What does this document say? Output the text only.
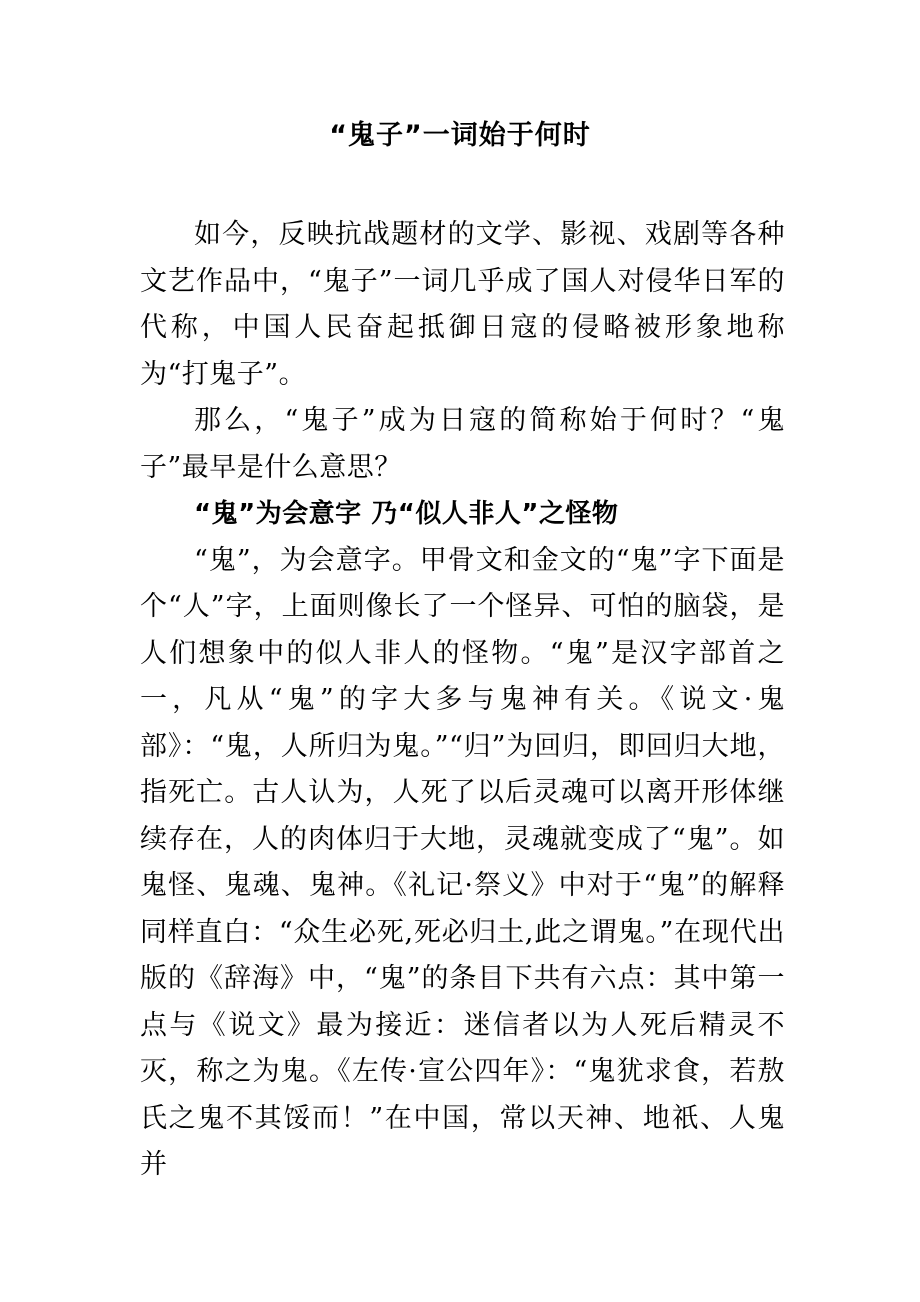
“鬼子”一词始于何时

如今，反映抗战题材的文学、影视、戏剧等各种文艺作品中，“鬼子”一词几乎成了国人对侵华日军的代称，中国人民奋起抵御日寇的侵略被形象地称为“打鬼子”。

那么，“鬼子”成为日寇的简称始于何时？“鬼子”最早是什么意思？

“鬼”为会意字 乃“似人非人”之怪物

“鬼”，为会意字。甲骨文和金文的“鬼”字下面是个“人”字，上面则像长了一个怪异、可怕的脑袋，是人们想象中的似人非人的怪物。“鬼”是汉字部首之一，凡从“鬼”的字大多与鬼神有关。《说文·鬼部》：“鬼，人所归为鬼。”“归”为回归，即回归大地，指死亡。古人认为，人死了以后灵魂可以离开形体继续存在，人的肉体归于大地，灵魂就变成了“鬼”。如鬼怪、鬼魂、鬼神。《礼记·祭义》中对于“鬼”的解释同样直白：“众生必死,死必归土,此之谓鬼。”在现代出版的《辞海》中，“鬼”的条目下共有六点：其中第一点与《说文》最为接近：迷信者以为人死后精灵不灭，称之为鬼。《左传·宣公四年》：“鬼犹求食，若敖氏之鬼不其馁而！”在中国，常以天神、地祇、人鬼并
